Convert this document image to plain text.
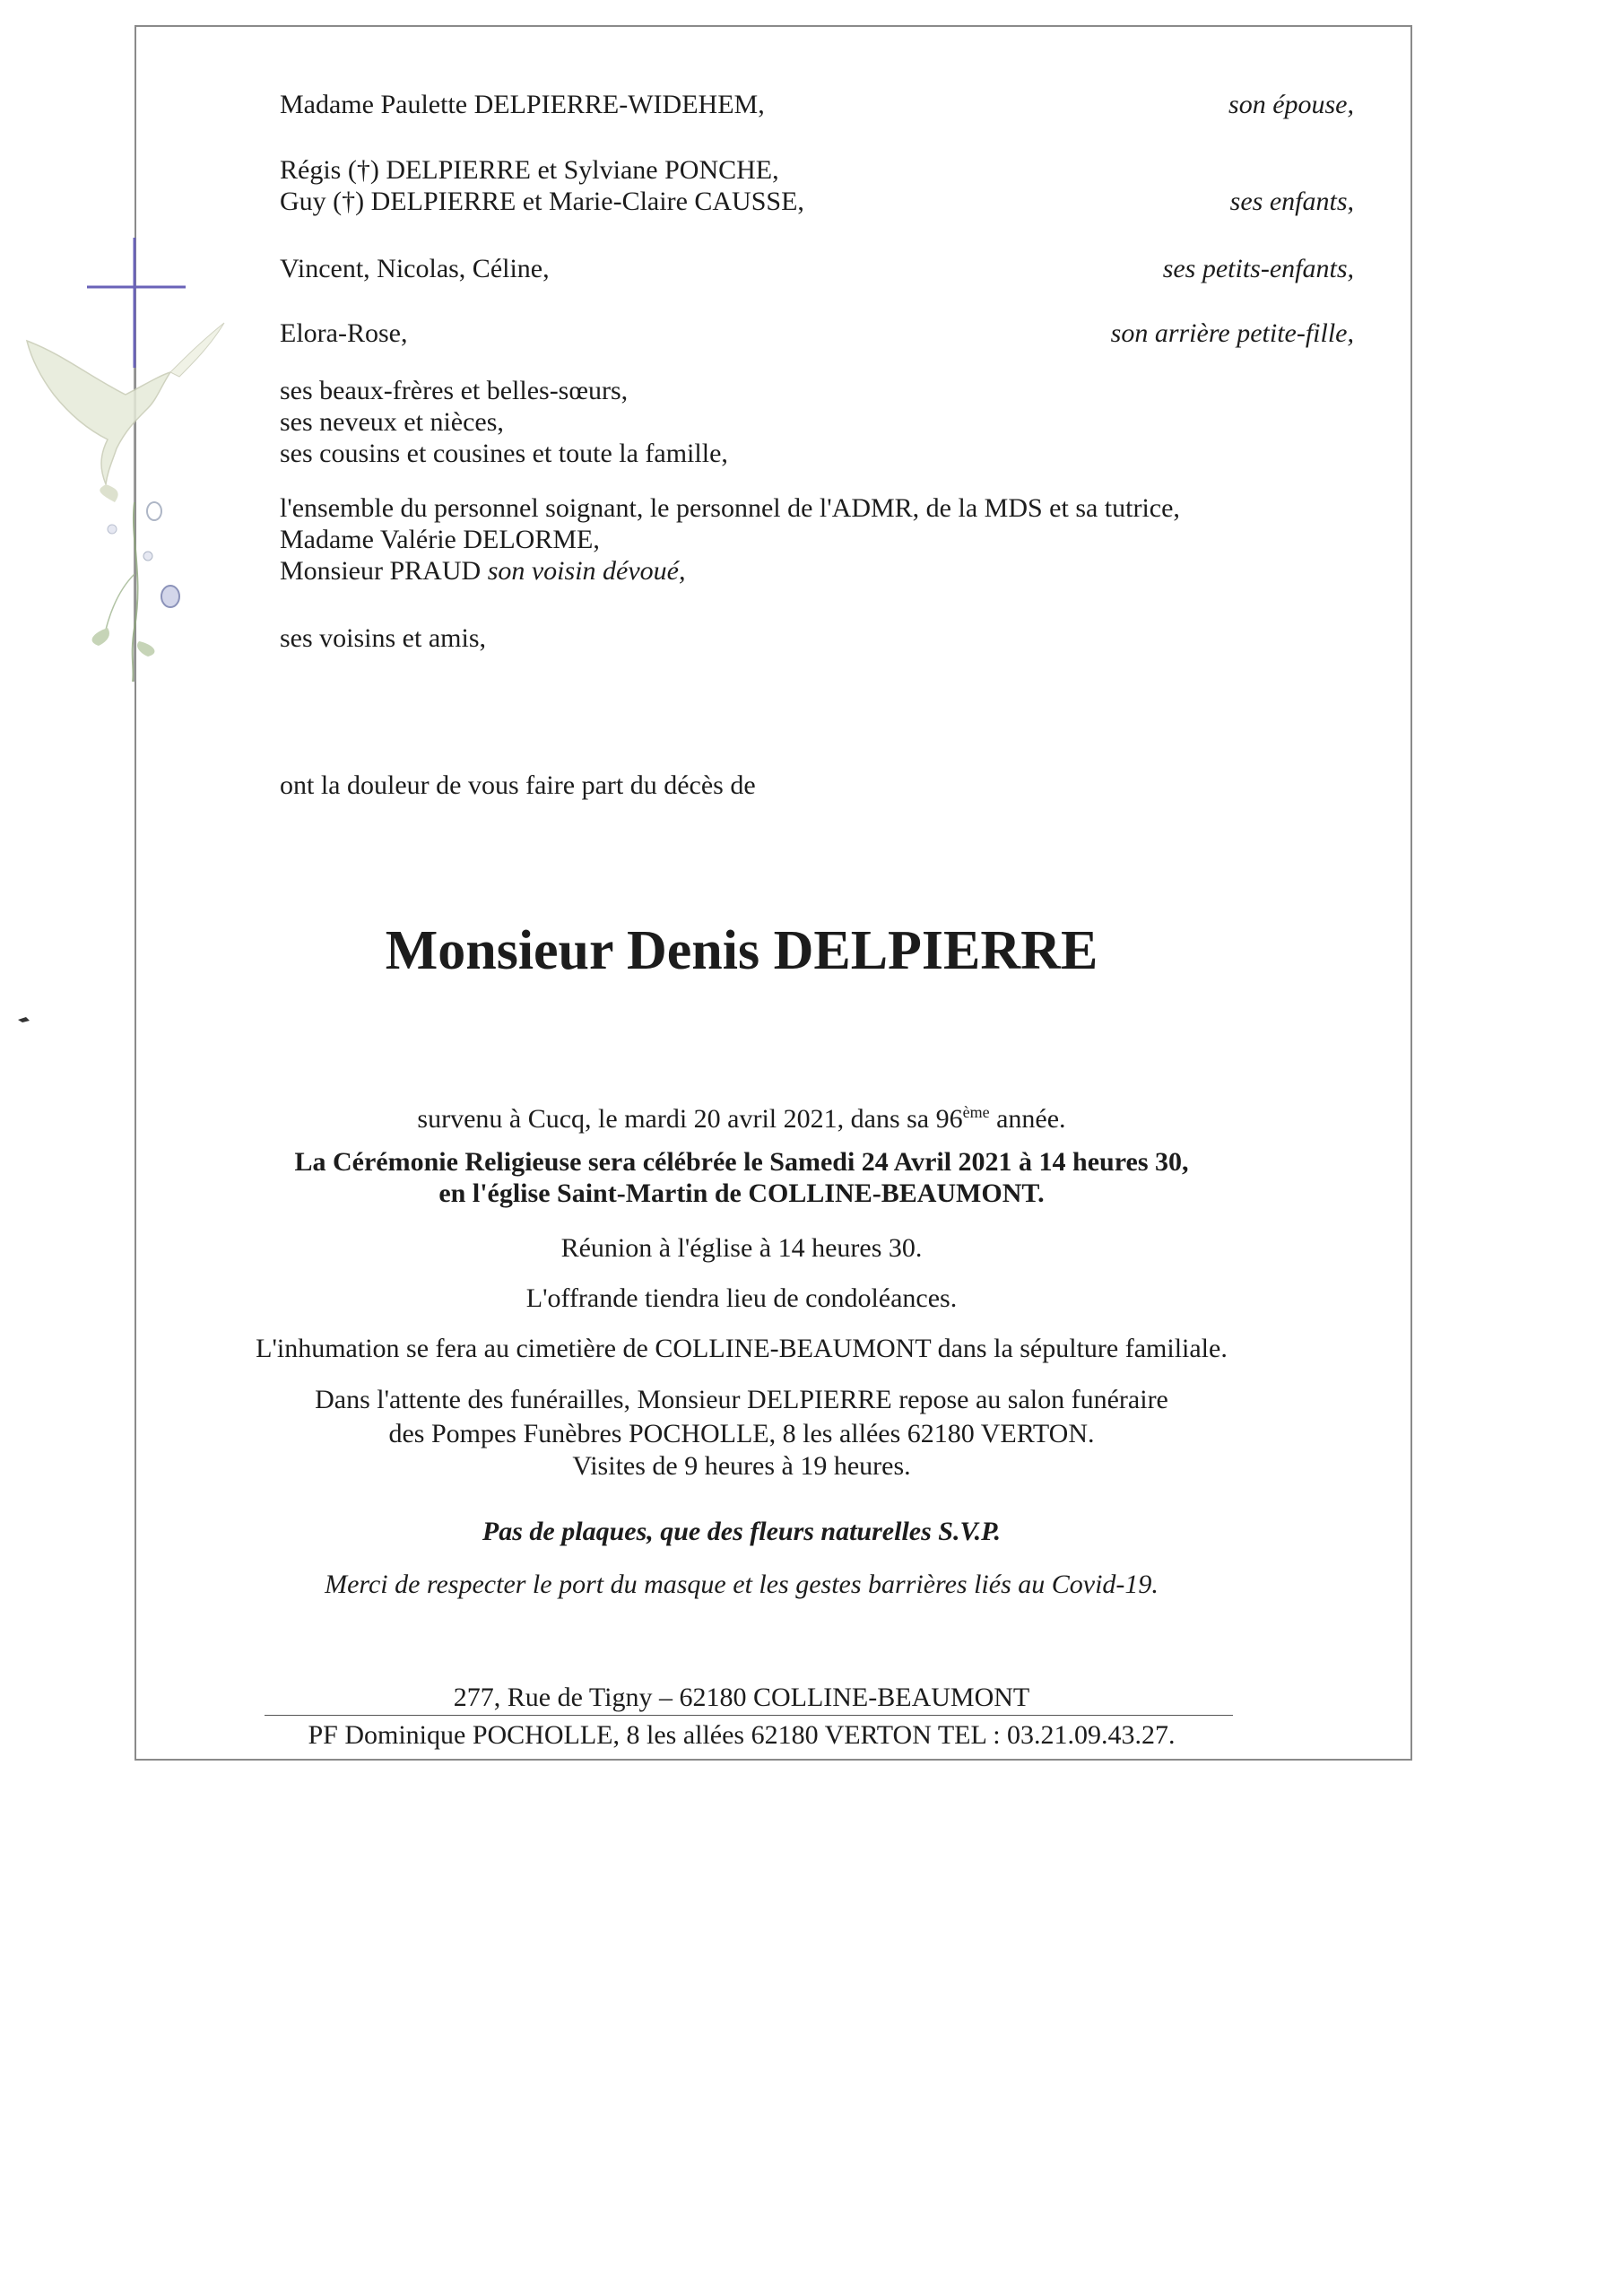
Madame Paulette DELPIERRE-WIDEHEM,	son épouse,
Régis (†) DELPIERRE et Sylviane PONCHE,
Guy (†) DELPIERRE et Marie-Claire CAUSSE,	ses enfants,
Vincent, Nicolas, Céline,	ses petits-enfants,
Elora-Rose,	son arrière petite-fille,
ses beaux-frères et belles-sœurs,
ses neveux et nièces,
ses cousins et cousines et toute la famille,
l'ensemble du personnel soignant, le personnel de l'ADMR, de la MDS et sa tutrice,
Madame Valérie DELORME,
Monsieur PRAUD son voisin dévoué,
ses voisins et amis,
ont la douleur de vous faire part du décès de
Monsieur Denis DELPIERRE
survenu à Cucq, le mardi 20 avril 2021, dans sa 96ème année.
La Cérémonie Religieuse sera célébrée le Samedi 24 Avril 2021 à 14 heures 30,
en l'église Saint-Martin de COLLINE-BEAUMONT.
Réunion à l'église à 14 heures 30.
L'offrande tiendra lieu de condoléances.
L'inhumation se fera au cimetière de COLLINE-BEAUMONT dans la sépulture familiale.
Dans l'attente des funérailles, Monsieur DELPIERRE repose au salon funéraire
des Pompes Funèbres POCHOLLE, 8 les allées 62180 VERTON.
Visites de 9 heures à 19 heures.
Pas de plaques, que des fleurs naturelles S.V.P.
Merci de respecter le port du masque et les gestes barrières liés au Covid-19.
277, Rue de Tigny – 62180 COLLINE-BEAUMONT
PF Dominique POCHOLLE, 8 les allées 62180 VERTON TEL : 03.21.09.43.27.
